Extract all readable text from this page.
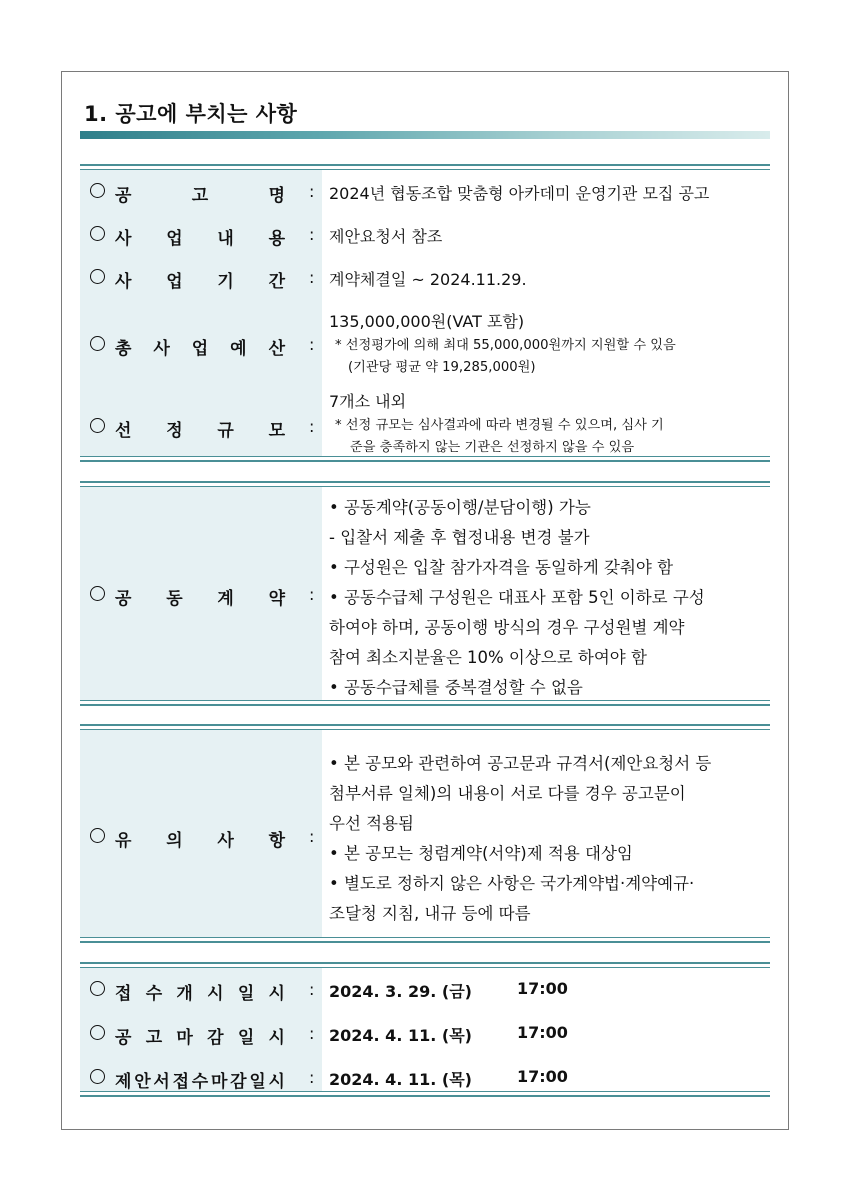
1. 공고에 부치는 사항
공	고	명 : 2024년 협동조합 맞춤형 아카데미 운영기관 모집 공고
사 업 내 용 : 제안요청서 참조
사 업 기 간 : 계약체결일 ~ 2024.11.29.
총 사 업 예 산 :
135,000,000원(VAT 포함)
* 선정평가에 의해 최대 55,000,000원까지 지원할 수 있음
(기관당 평균 약 19,285,000원)
선 정 규 모 :
7개소 내외
* 선정 규모는 심사결과에 따라 변경될 수 있으며, 심사 기
준을 충족하지 않는 기관은 선정하지 않을 수 있음
공 동 계 약 :
• 공동계약(공동이행/분담이행) 가능
- 입찰서 제출 후 협정내용 변경 불가
• 구성원은 입찰 참가자격을 동일하게 갖춰야 함
• 공동수급체 구성원은 대표사 포함 5인 이하로 구성
하여야 하며, 공동이행 방식의 경우 구성원별 계약
참여 최소지분율은 10% 이상으로 하여야 함
• 공동수급체를 중복결성할 수 없음
유 의 사 항 :
• 본 공모와 관련하여 공고문과 규격서(제안요청서 등
첨부서류 일체)의 내용이 서로 다를 경우 공고문이
우선 적용됨
• 본 공모는 청렴계약(서약)제 적용 대상임
• 별도로 정하지 않은 사항은 국가계약법·계약예규·
조달청 지침, 내규 등에 따름
접 수 개 시 일 시 : 2024. 3. 29. (금)	17:00
공 고 마 감 일 시 : 2024. 4. 11. (목)	17:00
제 안 서 접 수 마 감 일 시 : 2024. 4. 11. (목)	17:00
